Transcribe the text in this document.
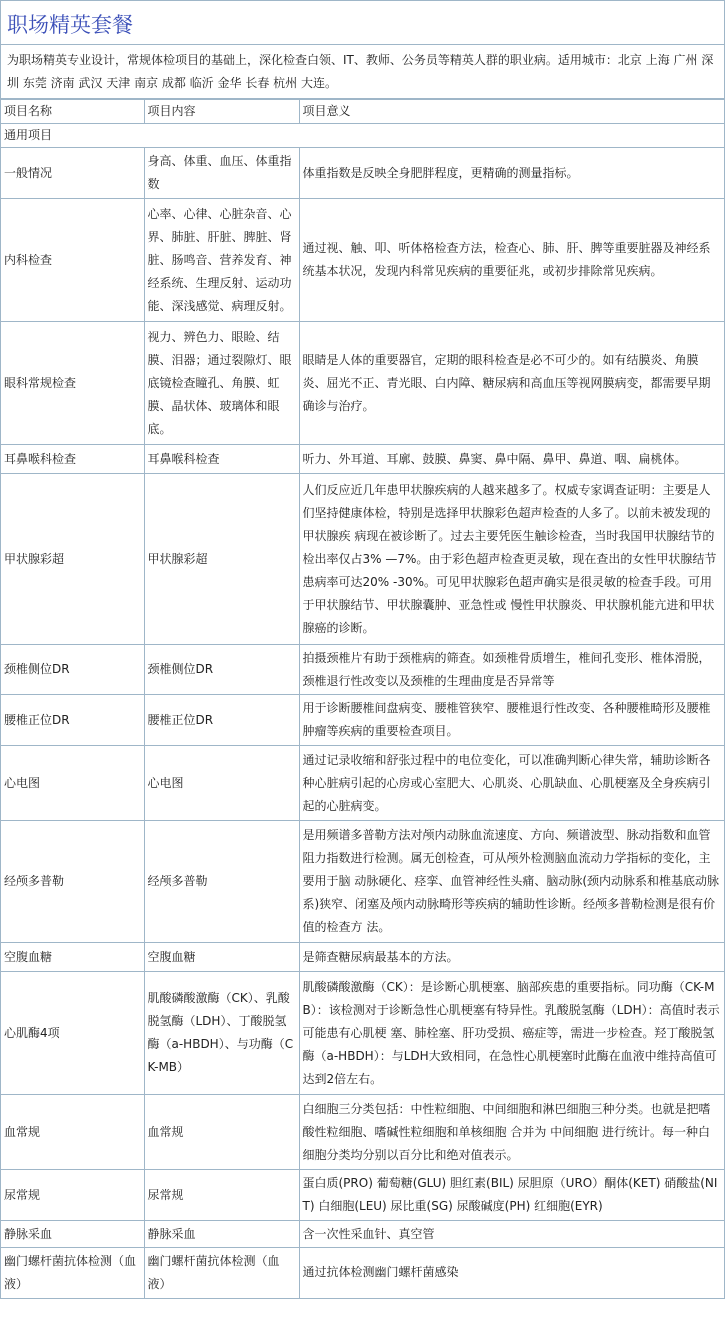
职场精英套餐
为职场精英专业设计，常规体检项目的基础上，深化检查白领、IT、教师、公务员等精英人群的职业病。适用城市：北京 上海 广州 深圳 东莞 济南 武汉 天津 南京 成都 临沂 金华 长春 杭州 大连。
项目名称	项目内容	项目意义
通用项目		
一般情况	身高、体重、血压、体重指数	体重指数是反映全身肥胖程度，更精确的测量指标。
内科检查	心率、心律、心脏杂音、心界、肺脏、肝脏、脾脏、肾脏、肠鸣音、营养发育、神经系统、生理反射、运动功能、深浅感觉、病理反射。	通过视、触、叩、听体格检查方法，检查心、肺、肝、脾等重要脏器及神经系统基本状况，发现内科常见疾病的重要征兆，或初步排除常见疾病。
眼科常规检查	视力、辨色力、眼睑、结膜、泪器；通过裂隙灯、眼底镜检查瞳孔、角膜、虹膜、晶状体、玻璃体和眼底。	眼睛是人体的重要器官，定期的眼科检查是必不可少的。如有结膜炎、角膜炎、屈光不正、青光眼、白内障、糖尿病和高血压等视网膜病变，都需要早期确诊与治疗。
耳鼻喉科检查	耳鼻喉科检查	听力、外耳道、耳廓、鼓膜、鼻窦、鼻中隔、鼻甲、鼻道、咽、扁桃体。
甲状腺彩超	甲状腺彩超	人们反应近几年患甲状腺疾病的人越来越多了。权威专家调查证明：主要是人们坚持健康体检，特别是选择甲状腺彩色超声检查的人多了。以前未被发现的甲状腺疾 病现在被诊断了。过去主要凭医生触诊检查，当时我国甲状腺结节的检出率仅占3% —7%。由于彩色超声检查更灵敏，现在查出的女性甲状腺结节患病率可达20% -30%。可见甲状腺彩色超声确实是很灵敏的检查手段。可用于甲状腺结节、甲状腺囊肿、亚急性或 慢性甲状腺炎、甲状腺机能亢进和甲状腺癌的诊断。
颈椎侧位DR	颈椎侧位DR	拍摄颈椎片有助于颈椎病的筛查。如颈椎骨质增生，椎间孔变形、椎体滑脱，颈椎退行性改变以及颈椎的生理曲度是否异常等
腰椎正位DR	腰椎正位DR	用于诊断腰椎间盘病变、腰椎管狭窄、腰椎退行性改变、各种腰椎畸形及腰椎肿瘤等疾病的重要检查项目。
心电图	心电图	通过记录收缩和舒张过程中的电位变化，可以准确判断心律失常，辅助诊断各种心脏病引起的心房或心室肥大、心肌炎、心肌缺血、心肌梗塞及全身疾病引起的心脏病变。
经颅多普勒	经颅多普勒	是用频谱多普勒方法对颅内动脉血流速度、方向、频谱波型、脉动指数和血管阻力指数进行检测。属无创检查，可从颅外检测脑血流动力学指标的变化，主要用于脑 动脉硬化、痉挛、血管神经性头痛、脑动脉(颈内动脉系和椎基底动脉系)狭窄、闭塞及颅内动脉畸形等疾病的辅助性诊断。经颅多普勒检测是很有价值的检查方 法。
空腹血糖	空腹血糖	是筛查糖尿病最基本的方法。
心肌酶4项	肌酸磷酸激酶（CK）、乳酸脱氢酶（LDH）、丁酸脱氢酶（a-HBDH）、与功酶（CK-MB）	肌酸磷酸激酶（CK）：是诊断心肌梗塞、脑部疾患的重要指标。同功酶（CK-MB）：该检测对于诊断急性心肌梗塞有特异性。乳酸脱氢酶（LDH）：高值时表示可能患有心肌梗 塞、肺栓塞、肝功受损、癌症等，需进一步检查。羟丁酸脱氢酶（a-HBDH）：与LDH大致相同，在急性心肌梗塞时此酶在血液中维持高值可达到2倍左右。
血常规	血常规	白细胞三分类包括：中性粒细胞、中间细胞和淋巴细胞三种分类。也就是把嗜酸性粒细胞、嗜碱性粒细胞和单核细胞 合并为 中间细胞 进行统计。每一种白细胞分类均分别以百分比和绝对值表示。
尿常规	尿常规	蛋白质(PRO) 葡萄糖(GLU) 胆红素(BIL) 尿胆原（URO）酮体(KET) 硝酸盐(NIT) 白细胞(LEU) 尿比重(SG) 尿酸碱度(PH) 红细胞(EYR)
静脉采血	静脉采血	含一次性采血针、真空管
幽门螺杆菌抗体检测（血液）	幽门螺杆菌抗体检测（血液）	通过抗体检测幽门螺杆菌感染
